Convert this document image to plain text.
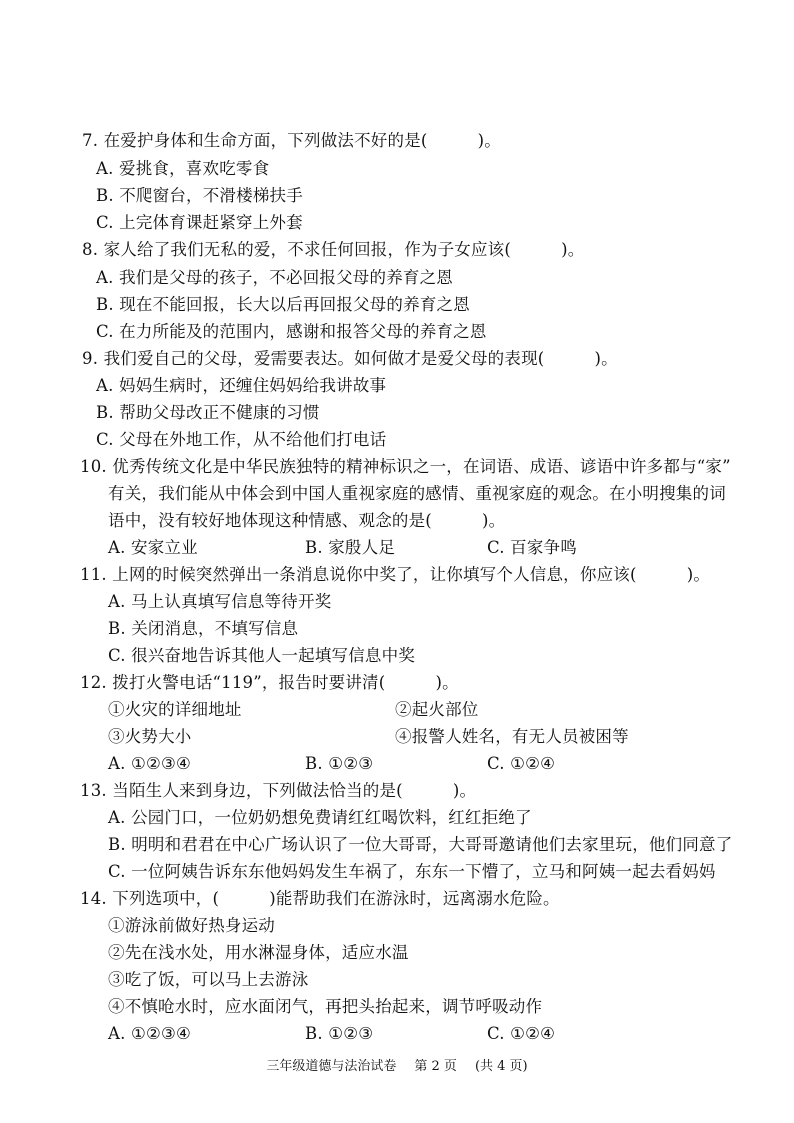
7. 在爱护身体和生命方面，下列做法不好的是(　　　)。
A. 爱挑食，喜欢吃零食
B. 不爬窗台，不滑楼梯扶手
C. 上完体育课赶紧穿上外套
8. 家人给了我们无私的爱，不求任何回报，作为子女应该(　　　)。
A. 我们是父母的孩子，不必回报父母的养育之恩
B. 现在不能回报，长大以后再回报父母的养育之恩
C. 在力所能及的范围内，感谢和报答父母的养育之恩
9. 我们爱自己的父母，爱需要表达。如何做才是爱父母的表现(　　　)。
A. 妈妈生病时，还缠住妈妈给我讲故事
B. 帮助父母改正不健康的习惯
C. 父母在外地工作，从不给他们打电话
10. 优秀传统文化是中华民族独特的精神标识之一，在词语、成语、谚语中许多都与“家”
有关，我们能从中体会到中国人重视家庭的感情、重视家庭的观念。在小明搜集的词
语中，没有较好地体现这种情感、观念的是(　　　)。
A. 安家立业	B. 家殷人足	C. 百家争鸣
11. 上网的时候突然弹出一条消息说你中奖了，让你填写个人信息，你应该(　　　)。
A. 马上认真填写信息等待开奖
B. 关闭消息，不填写信息
C. 很兴奋地告诉其他人一起填写信息中奖
12. 拨打火警电话“119”，报告时要讲清(　　　)。
①火灾的详细地址	②起火部位
③火势大小	④报警人姓名，有无人员被困等
A. ①②③④	B. ①②③	C. ①②④
13. 当陌生人来到身边，下列做法恰当的是(　　　)。
A. 公园门口，一位奶奶想免费请红红喝饮料，红红拒绝了
B. 明明和君君在中心广场认识了一位大哥哥，大哥哥邀请他们去家里玩，他们同意了
C. 一位阿姨告诉东东他妈妈发生车祸了，东东一下懵了，立马和阿姨一起去看妈妈
14. 下列选项中，(　　　)能帮助我们在游泳时，远离溺水危险。
①游泳前做好热身运动
②先在浅水处，用水淋湿身体，适应水温
③吃了饭，可以马上去游泳
④不慎呛水时，应水面闭气，再把头抬起来，调节呼吸动作
A. ①②③④	B. ①②③	C. ①②④
三年级道德与法治试卷 第 2 页 (共 4 页)
